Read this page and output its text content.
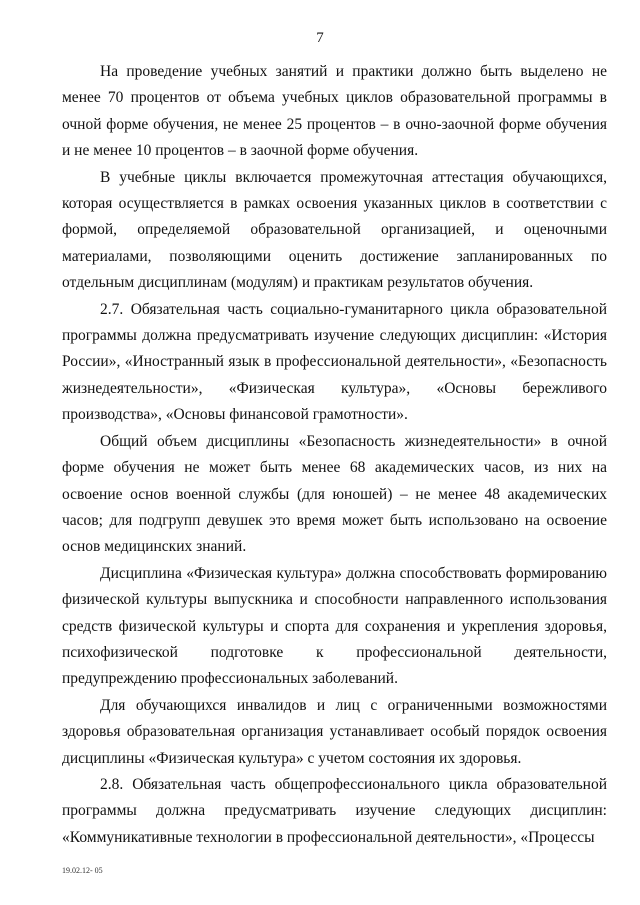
7

На проведение учебных занятий и практики должно быть выделено не менее 70 процентов от объема учебных циклов образовательной программы в очной форме обучения, не менее 25 процентов – в очно-заочной форме обучения и не менее 10 процентов – в заочной форме обучения.

В учебные циклы включается промежуточная аттестация обучающихся, которая осуществляется в рамках освоения указанных циклов в соответствии с формой, определяемой образовательной организацией, и оценочными материалами, позволяющими оценить достижение запланированных по отдельным дисциплинам (модулям) и практикам результатов обучения.

2.7. Обязательная часть социально-гуманитарного цикла образовательной программы должна предусматривать изучение следующих дисциплин: «История России», «Иностранный язык в профессиональной деятельности», «Безопасность жизнедеятельности», «Физическая культура», «Основы бережливого производства», «Основы финансовой грамотности».

Общий объем дисциплины «Безопасность жизнедеятельности» в очной форме обучения не может быть менее 68 академических часов, из них на освоение основ военной службы (для юношей) – не менее 48 академических часов; для подгрупп девушек это время может быть использовано на освоение основ медицинских знаний.

Дисциплина «Физическая культура» должна способствовать формированию физической культуры выпускника и способности направленного использования средств физической культуры и спорта для сохранения и укрепления здоровья, психофизической подготовке к профессиональной деятельности, предупреждению профессиональных заболеваний.

Для обучающихся инвалидов и лиц с ограниченными возможностями здоровья образовательная организация устанавливает особый порядок освоения дисциплины «Физическая культура» с учетом состояния их здоровья.

2.8. Обязательная часть общепрофессионального цикла образовательной программы должна предусматривать изучение следующих дисциплин: «Коммуникативные технологии в профессиональной деятельности», «Процессы

19.02.12- 05
